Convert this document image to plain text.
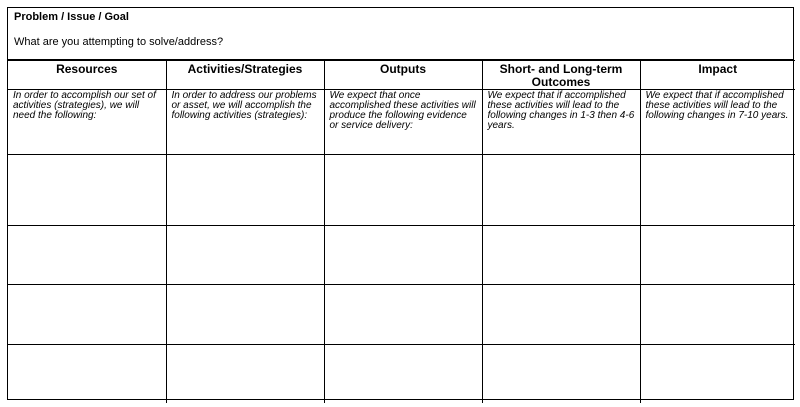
Problem / Issue / Goal
What are you attempting to solve/address?
Resources	Activities/Strategies	Outputs	Short- and Long-term Outcomes	Impact
In order to accomplish our set of activities (strategies), we will need the following:	In order to address our problems or asset, we will accomplish the following activities (strategies):	We expect that once accomplished these activities will produce the following evidence or service delivery:	We expect that if accomplished these activities will lead to the following changes in 1-3 then 4-6 years.	We expect that if accomplished these activities will lead to the following changes in 7-10 years.
